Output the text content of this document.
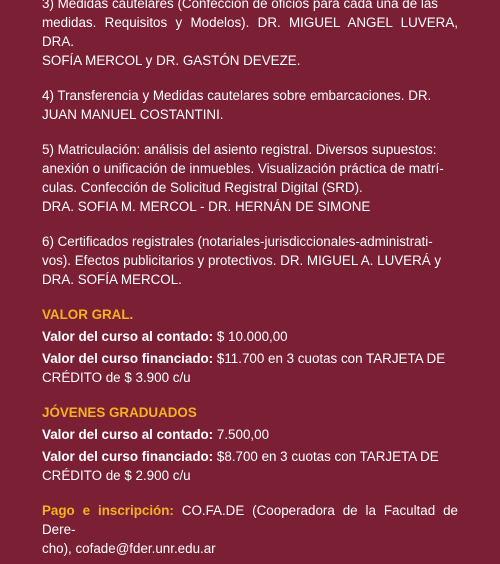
3) Medidas cautelares (Confección de oficios para cada una de las
medidas. Requisitos y Modelos). DR. MIGUEL ANGEL LUVERA, DRA.
SOFÍA MERCOL y DR. GASTÓN DEVEZE.
4) Transferencia y Medidas cautelares sobre embarcaciones. DR.
JUAN MANUEL COSTANTINI.
5) Matriculación: análisis del asiento registral. Diversos supuestos:
anexión o unificación de inmuebles. Visualización práctica de matrí-
culas. Confección de Solicitud Registral Digital (SRD).
DRA. SOFIA M. MERCOL - DR. HERNÁN DE SIMONE
6) Certificados registrales (notariales-jurisdiccionales-administrati-
vos). Efectos publicitarios y protectivos. DR. MIGUEL A. LUVERÁ y
DRA. SOFÍA MERCOL.

VALOR GRAL.

Valor del curso al contado: $ 10.000,00

Valor del curso financiado: $11.700 en 3 cuotas con TARJETA DE
CRÉDITO de $ 3.900 c/u

JÓVENES GRADUADOS

Valor del curso al contado: 7.500,00

Valor del curso financiado: $8.700 en 3 cuotas con TARJETA DE
CRÉDITO de $ 2.900 c/u

Pago e inscripción: CO.FA.DE (Cooperadora de la Facultad de Dere-
cho), cofade@fder.unr.edu.ar
